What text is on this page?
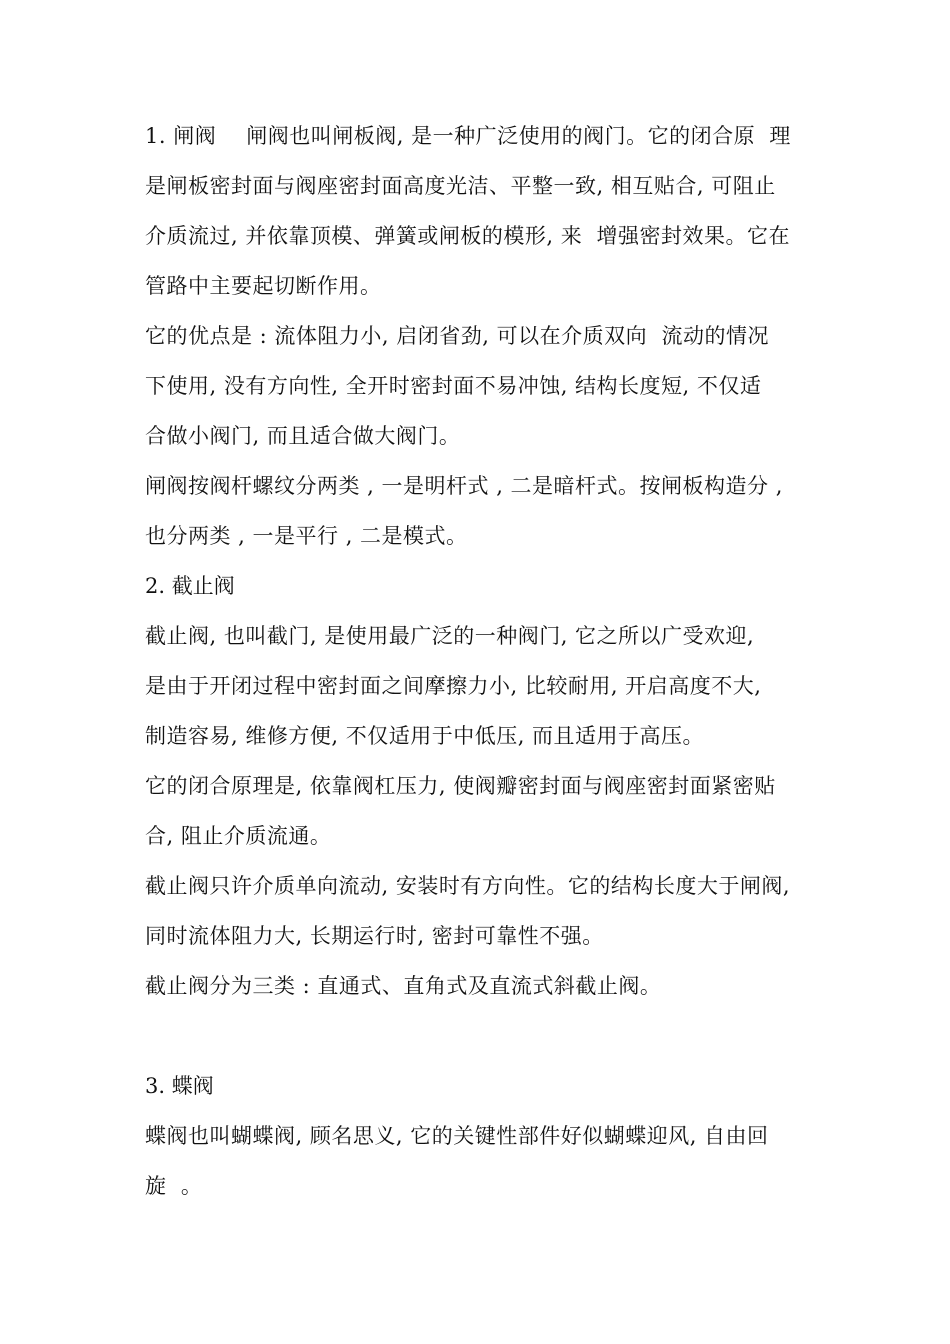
1. 闸阀 闸阀也叫闸板阀, 是一种广泛使用的阀门。它的闭合原  理
是闸板密封面与阀座密封面高度光洁、平整一致, 相互贴合, 可阻止
介质流过, 并依靠顶模、弹簧或闸板的模形, 来  增强密封效果。它在
管路中主要起切断作用。
它的优点是 : 流体阻力小, 启闭省劲, 可以在介质双向  流动的情况
下使用, 没有方向性, 全开时密封面不易冲蚀, 结构长度短, 不仅适
合做小阀门, 而且适合做大阀门。
闸阀按阀杆螺纹分两类 , 一是明杆式 , 二是暗杆式。按闸板构造分 ,
也分两类 , 一是平行 , 二是模式。
2. 截止阀
截止阀, 也叫截门, 是使用最广泛的一种阀门, 它之所以广受欢迎,
是由于开闭过程中密封面之间摩擦力小, 比较耐用, 开启高度不大,
制造容易, 维修方便, 不仅适用于中低压, 而且适用于高压。
它的闭合原理是, 依靠阀杠压力, 使阀瓣密封面与阀座密封面紧密贴
合, 阻止介质流通。
截止阀只许介质单向流动, 安装时有方向性。它的结构长度大于闸阀,
同时流体阻力大, 长期运行时, 密封可靠性不强。
截止阀分为三类 : 直通式、直角式及直流式斜截止阀。
3. 蝶阀
蝶阀也叫蝴蝶阀, 顾名思义, 它的关键性部件好似蝴蝶迎风, 自由回
旋  。
